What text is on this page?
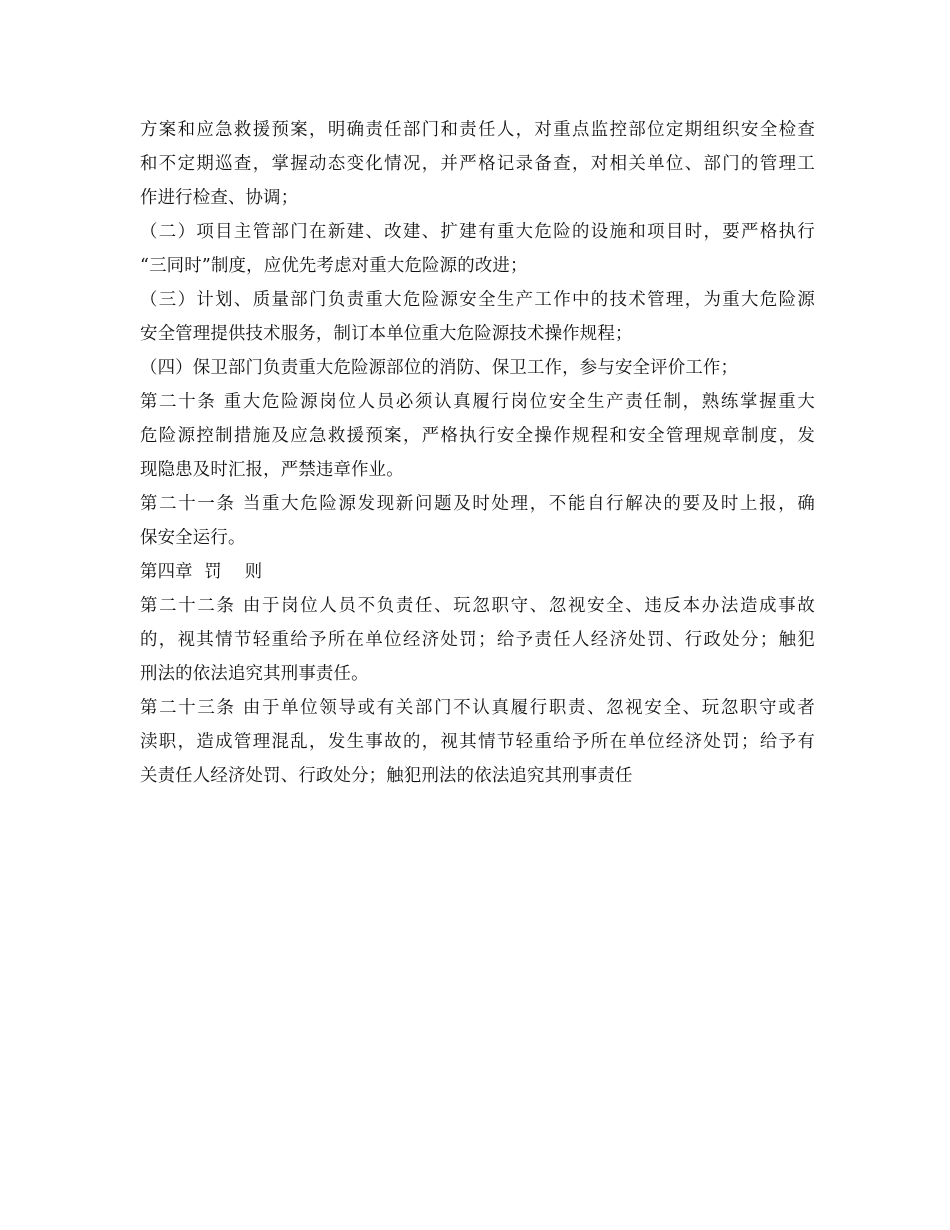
方案和应急救援预案，明确责任部门和责任人，对重点监控部位定期组织安全检查
和不定期巡查，掌握动态变化情况，并严格记录备查，对相关单位、部门的管理工
作进行检查、协调；
（二）项目主管部门在新建、改建、扩建有重大危险的设施和项目时，要严格执行
“三同时”制度，应优先考虑对重大危险源的改进；
（三）计划、质量部门负责重大危险源安全生产工作中的技术管理，为重大危险源
安全管理提供技术服务，制订本单位重大危险源技术操作规程；
（四）保卫部门负责重大危险源部位的消防、保卫工作，参与安全评价工作；
第二十条 重大危险源岗位人员必须认真履行岗位安全生产责任制，熟练掌握重大
危险源控制措施及应急救援预案，严格执行安全操作规程和安全管理规章制度，发
现隐患及时汇报，严禁违章作业。
第二十一条 当重大危险源发现新问题及时处理，不能自行解决的要及时上报，确
保安全运行。
第四章  罚    则
第二十二条 由于岗位人员不负责任、玩忽职守、忽视安全、违反本办法造成事故
的，视其情节轻重给予所在单位经济处罚；给予责任人经济处罚、行政处分；触犯
刑法的依法追究其刑事责任。
第二十三条 由于单位领导或有关部门不认真履行职责、忽视安全、玩忽职守或者
渎职，造成管理混乱，发生事故的，视其情节轻重给予所在单位经济处罚；给予有
关责任人经济处罚、行政处分；触犯刑法的依法追究其刑事责任
